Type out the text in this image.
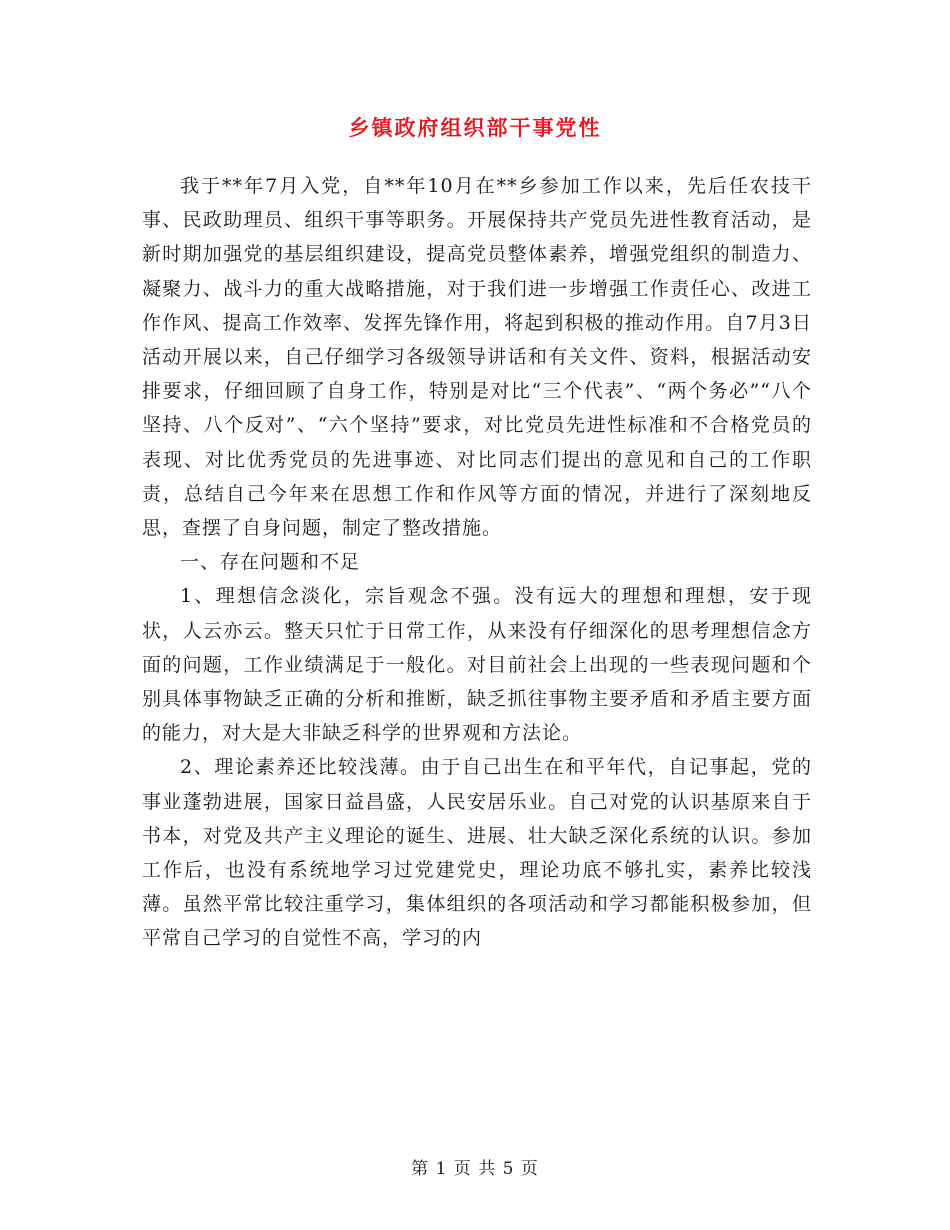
乡镇政府组织部干事党性

我于**年7月入党，自**年10月在**乡参加工作以来，先后任农技干事、民政助理员、组织干事等职务。开展保持共产党员先进性教育活动，是新时期加强党的基层组织建设，提高党员整体素养，增强党组织的制造力、凝聚力、战斗力的重大战略措施，对于我们进一步增强工作责任心、改进工作作风、提高工作效率、发挥先锋作用，将起到积极的推动作用。自7月3日活动开展以来，自己仔细学习各级领导讲话和有关文件、资料，根据活动安排要求，仔细回顾了自身工作，特别是对比“三个代表”、“两个务必”“八个坚持、八个反对”、“六个坚持”要求，对比党员先进性标准和不合格党员的表现、对比优秀党员的先进事迹、对比同志们提出的意见和自己的工作职责，总结自己今年来在思想工作和作风等方面的情况，并进行了深刻地反思，查摆了自身问题，制定了整改措施。

一、存在问题和不足

1、理想信念淡化，宗旨观念不强。没有远大的理想和理想，安于现状，人云亦云。整天只忙于日常工作，从来没有仔细深化的思考理想信念方面的问题，工作业绩满足于一般化。对目前社会上出现的一些表现问题和个别具体事物缺乏正确的分析和推断，缺乏抓往事物主要矛盾和矛盾主要方面的能力，对大是大非缺乏科学的世界观和方法论。

2、理论素养还比较浅薄。由于自己出生在和平年代，自记事起，党的事业蓬勃进展，国家日益昌盛，人民安居乐业。自己对党的认识基原来自于书本，对党及共产主义理论的诞生、进展、壮大缺乏深化系统的认识。参加工作后，也没有系统地学习过党建党史，理论功底不够扎实，素养比较浅薄。虽然平常比较注重学习，集体组织的各项活动和学习都能积极参加，但平常自己学习的自觉性不高，学习的内

第 1 页 共 5 页
